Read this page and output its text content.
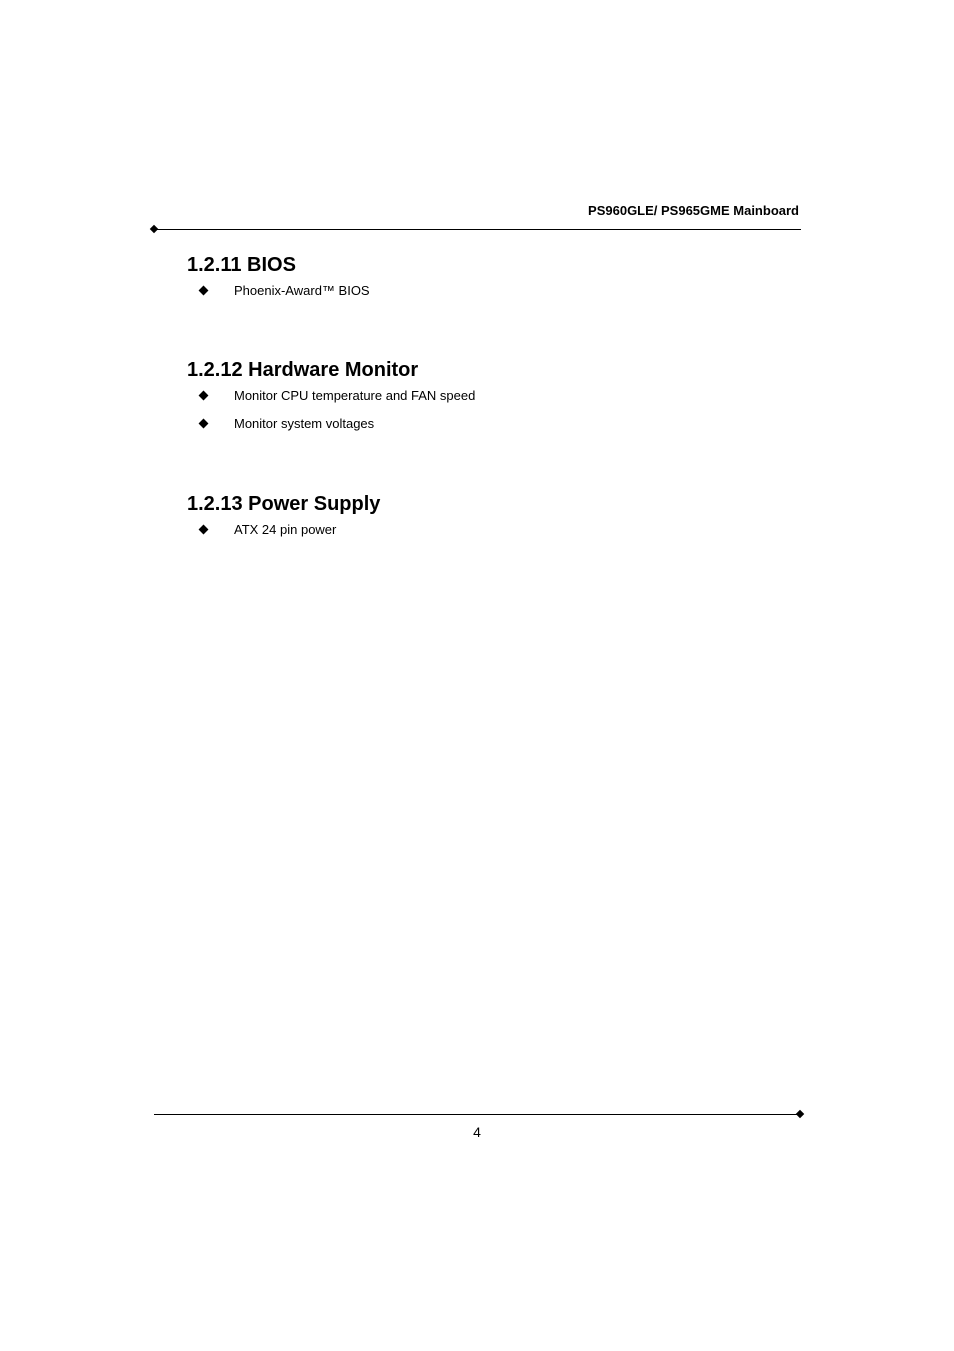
PS960GLE/ PS965GME Mainboard
1.2.11 BIOS
Phoenix-Award™ BIOS
1.2.12 Hardware Monitor
Monitor CPU temperature and FAN speed
Monitor system voltages
1.2.13 Power Supply
ATX 24 pin power
4
